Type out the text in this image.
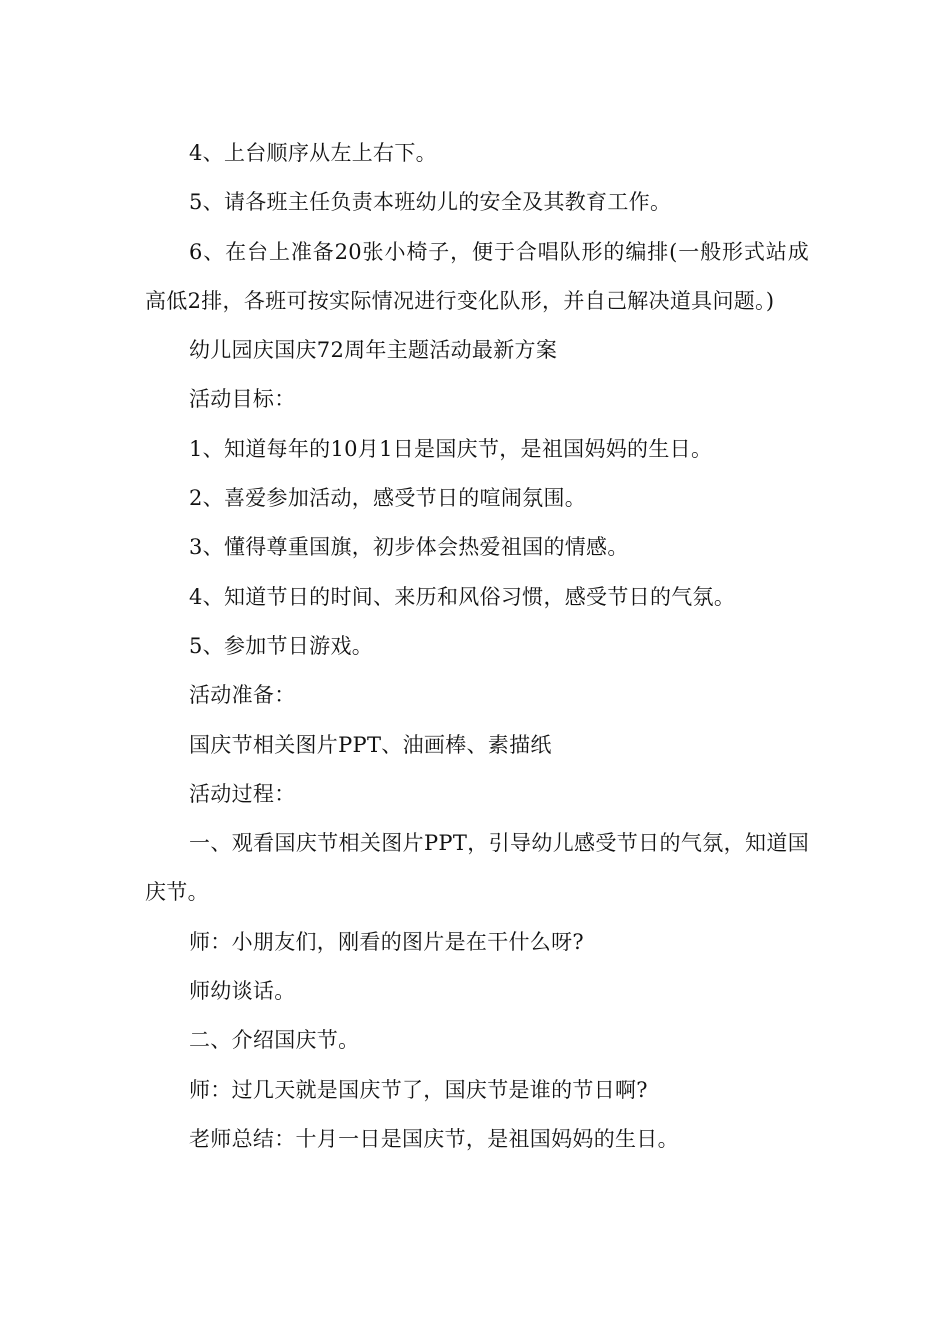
4、上台顺序从左上右下。

5、请各班主任负责本班幼儿的安全及其教育工作。

6、在台上准备20张小椅子，便于合唱队形的编排(一般形式站成高低2排，各班可按实际情况进行变化队形，并自己解决道具问题。)

幼儿园庆国庆72周年主题活动最新方案

活动目标：

1、知道每年的10月1日是国庆节，是祖国妈妈的生日。

2、喜爱参加活动，感受节日的喧闹氛围。

3、懂得尊重国旗，初步体会热爱祖国的情感。

4、知道节日的时间、来历和风俗习惯，感受节日的气氛。

5、参加节日游戏。

活动准备：

国庆节相关图片PPT、油画棒、素描纸

活动过程：

一、观看国庆节相关图片PPT，引导幼儿感受节日的气氛，知道国庆节。

师：小朋友们，刚看的图片是在干什么呀?

师幼谈话。

二、介绍国庆节。

师：过几天就是国庆节了，国庆节是谁的节日啊?

老师总结：十月一日是国庆节，是祖国妈妈的生日。
